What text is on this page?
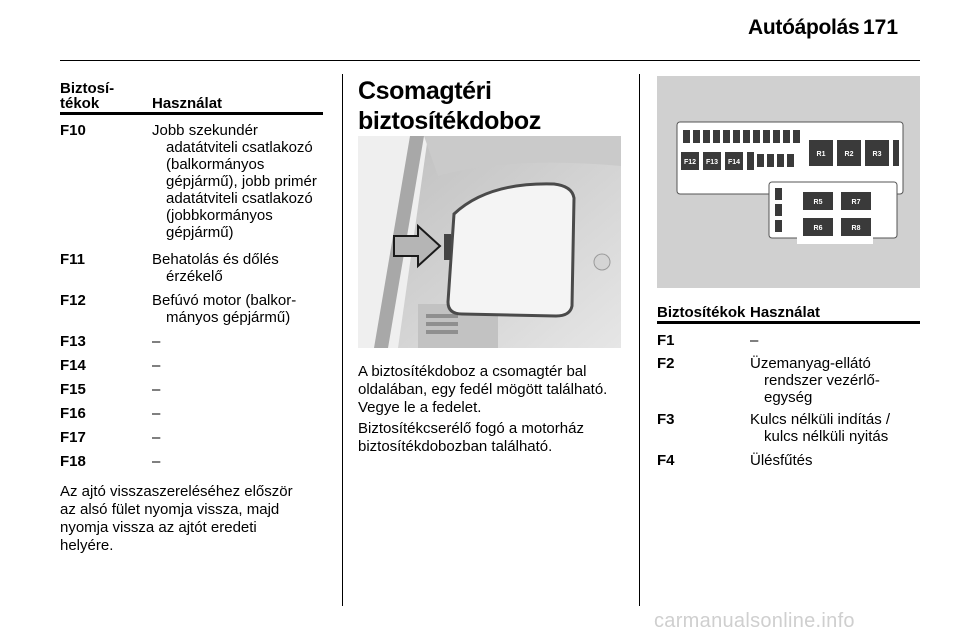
Autóápolás 171
Biztosí-
tékok	Használat
F10	Jobb szekundér
adatátviteli csatlakozó
(balkormányos
gépjármű), jobb primér
adatátviteli csatlakozó
(jobbkormányos
gépjármű)
F11	Behatolás és dőlés
érzékelő
F12	Befúvó motor (balkor-
mányos gépjármű)
F13	–
F14	–
F15	–
F16	–
F17	–
F18	–
Az ajtó visszaszereléséhez először
az alsó fület nyomja vissza, majd
nyomja vissza az ajtót eredeti
helyére.
Csomagtéri
biztosítékdoboz
A biztosítékdoboz a csomagtér bal
oldalában, egy fedél mögött található.
Vegye le a fedelet.
Biztosítékcserélő fogó a motorház
biztosítékdobozban található.
F12 F13 F14
R1	R2	R3
R5	R7
R6	R8
Biztosítékok Használat
F1	–
F2	Üzemanyag-ellátó
rendszer vezérlő-
egység
F3	Kulcs nélküli indítás /
kulcs nélküli nyitás
F4	Ülésfűtés
carmanualsonline.info
